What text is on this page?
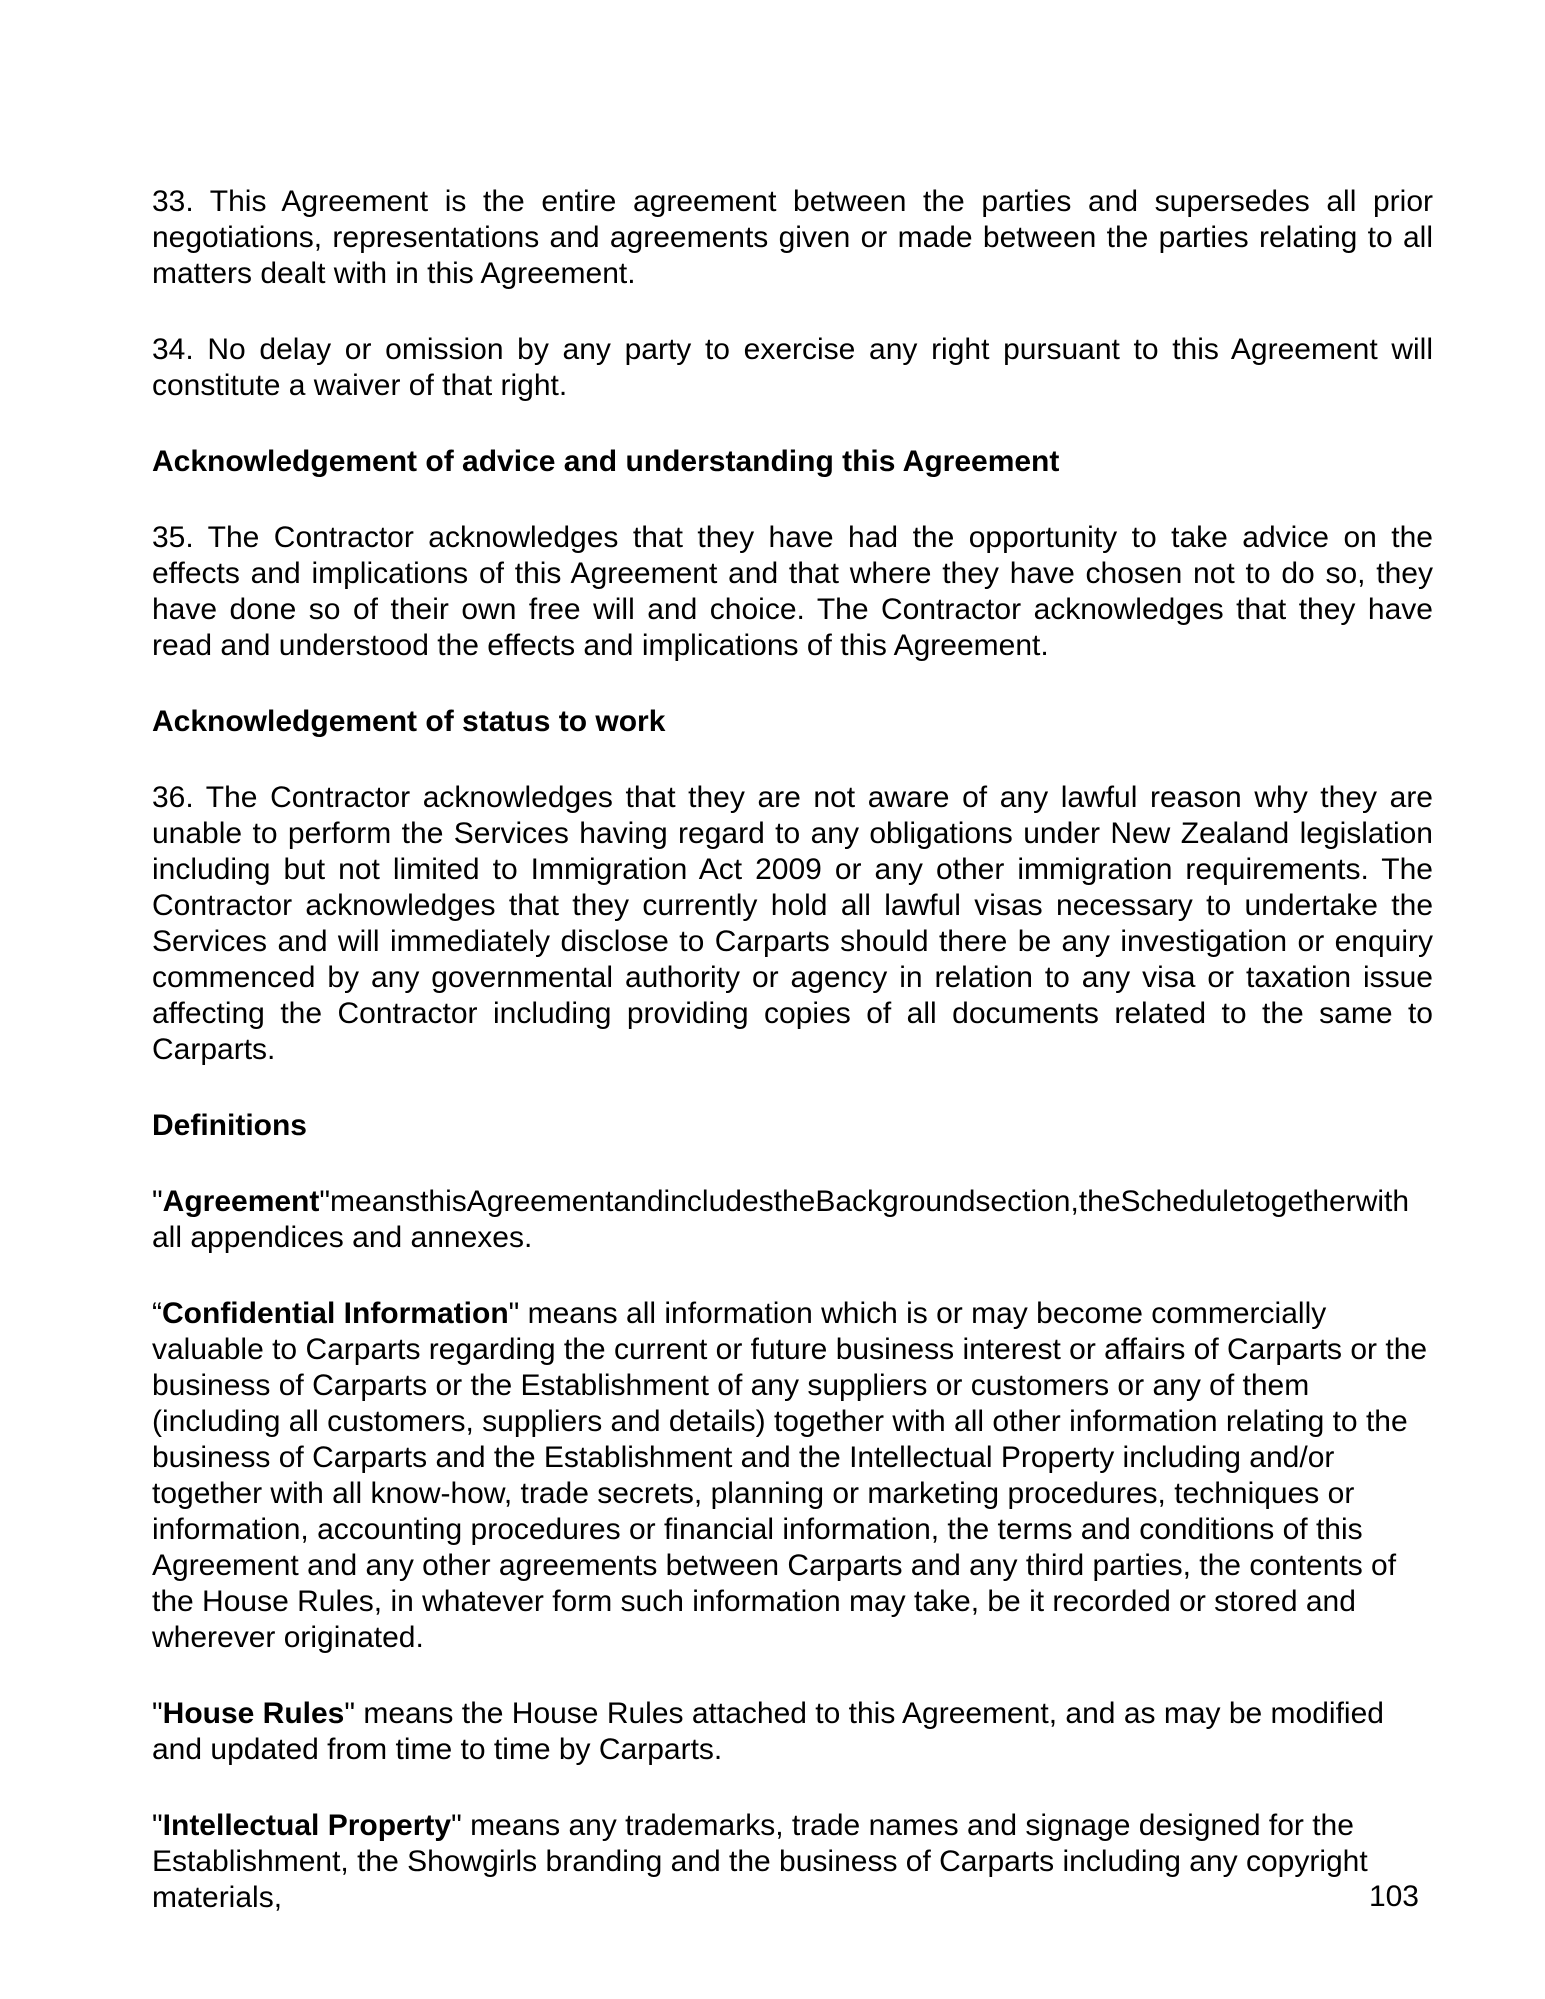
33. This Agreement is the entire agreement between the parties and supersedes all prior negotiations, representations and agreements given or made between the parties relating to all matters dealt with in this Agreement.

34. No delay or omission by any party to exercise any right pursuant to this Agreement will constitute a waiver of that right.

Acknowledgement of advice and understanding this Agreement

35. The Contractor acknowledges that they have had the opportunity to take advice on the effects and implications of this Agreement and that where they have chosen not to do so, they have done so of their own free will and choice. The Contractor acknowledges that they have read and understood the effects and implications of this Agreement.

Acknowledgement of status to work

36. The Contractor acknowledges that they are not aware of any lawful reason why they are unable to perform the Services having regard to any obligations under New Zealand legislation including but not limited to Immigration Act 2009 or any other immigration requirements. The Contractor acknowledges that they currently hold all lawful visas necessary to undertake the Services and will immediately disclose to Carparts should there be any investigation or enquiry commenced by any governmental authority or agency in relation to any visa or taxation issue affecting the Contractor including providing copies of all documents related to the same to Carparts.

Definitions

"Agreement"meansthisAgreementandincludestheBackgroundsection,theScheduletogetherwith all appendices and annexes.

“Confidential Information" means all information which is or may become commercially valuable to Carparts regarding the current or future business interest or affairs of Carparts or the business of Carparts or the Establishment of any suppliers or customers or any of them (including all customers, suppliers and details) together with all other information relating to the business of Carparts and the Establishment and the Intellectual Property including and/or together with all know-how, trade secrets, planning or marketing procedures, techniques or information, accounting procedures or financial information, the terms and conditions of this Agreement and any other agreements between Carparts and any third parties, the contents of the House Rules, in whatever form such information may take, be it recorded or stored and wherever originated.

"House Rules" means the House Rules attached to this Agreement, and as may be modified and updated from time to time by Carparts.

"Intellectual Property" means any trademarks, trade names and signage designed for the Establishment, the Showgirls branding and the business of Carparts including any copyright materials,	103
